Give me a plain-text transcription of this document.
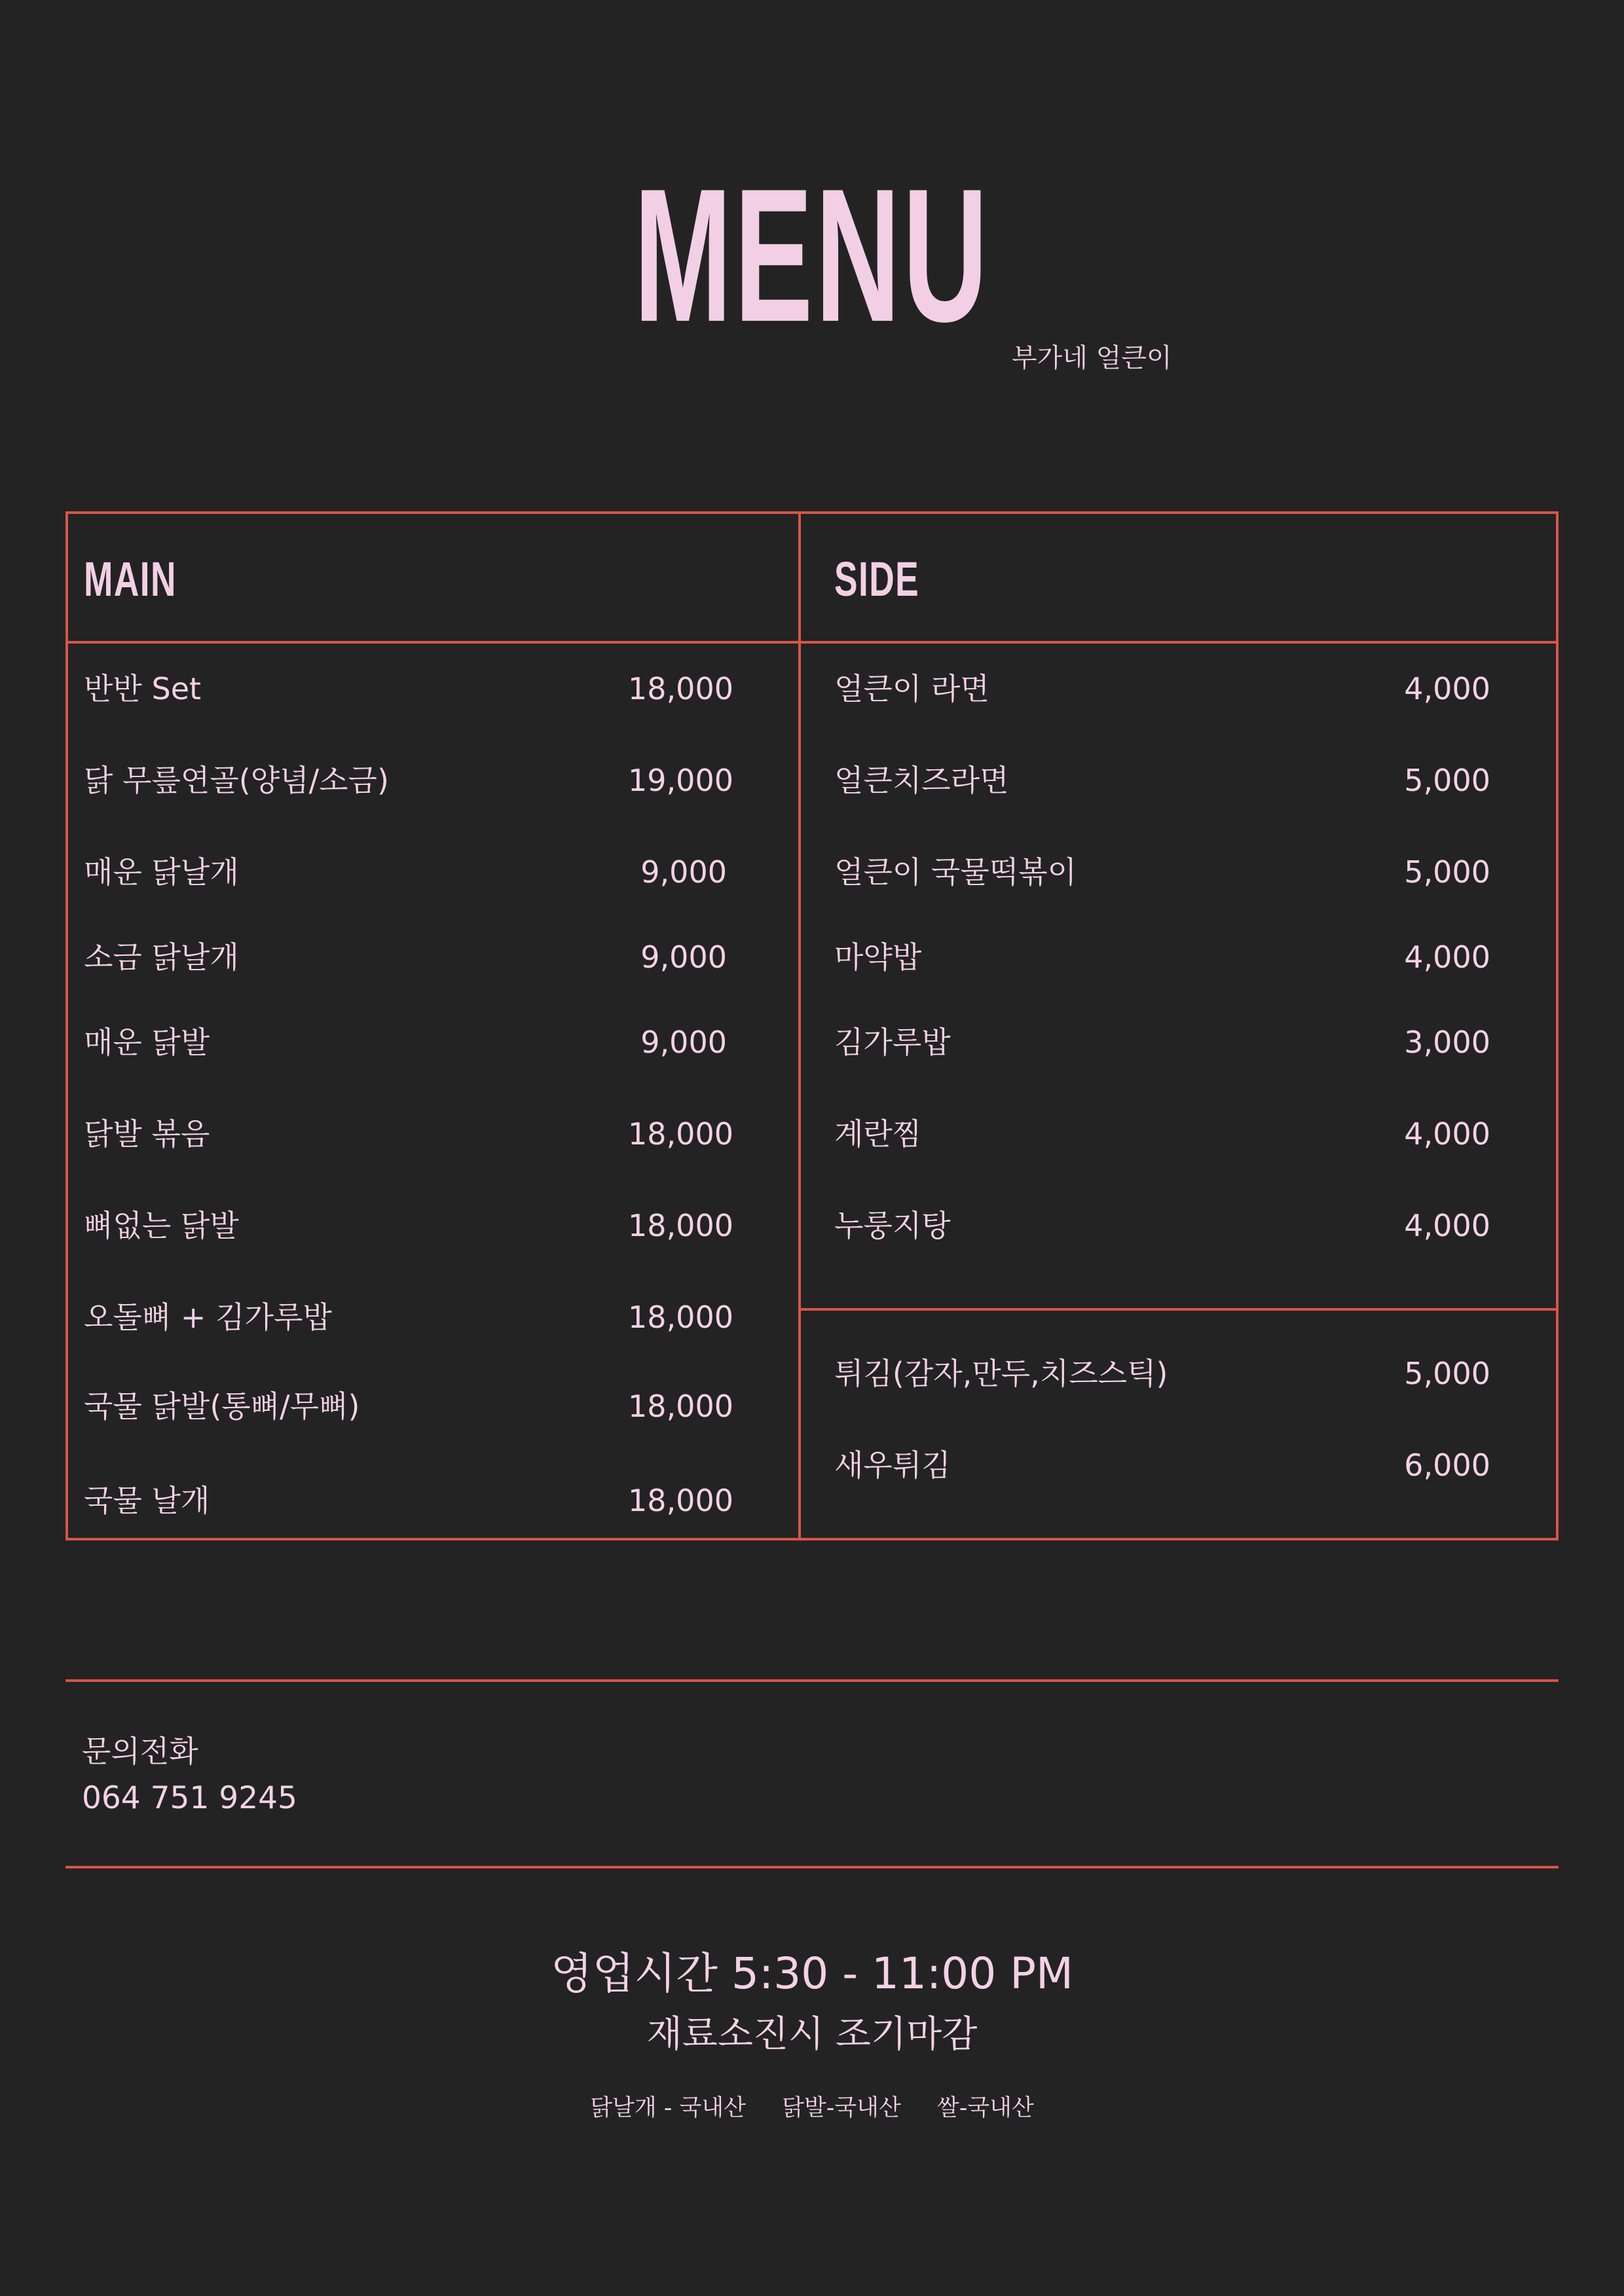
MENU 부가네 얼큰이
MAIN	SIDE
반반 Set	18,000
닭 무릎연골(양념/소금)	19,000
매운 닭날개	9,000
소금 닭날개	9,000
매운 닭발	9,000
닭발 볶음	18,000
뼈없는 닭발	18,000
오돌뼈 + 김가루밥	18,000
국물 닭발(통뼈/무뼈)	18,000
국물 날개	18,000
얼큰이 라면	4,000
얼큰치즈라면	5,000
얼큰이 국물떡볶이	5,000
마약밥	4,000
김가루밥	3,000
계란찜	4,000
누룽지탕	4,000
튀김(감자,만두,치즈스틱)	5,000
새우튀김	6,000
문의전화
064 751 9245
영업시간 5:30 - 11:00 PM
재료소진시 조기마감
닭날개 - 국내산 닭발-국내산 쌀-국내산
